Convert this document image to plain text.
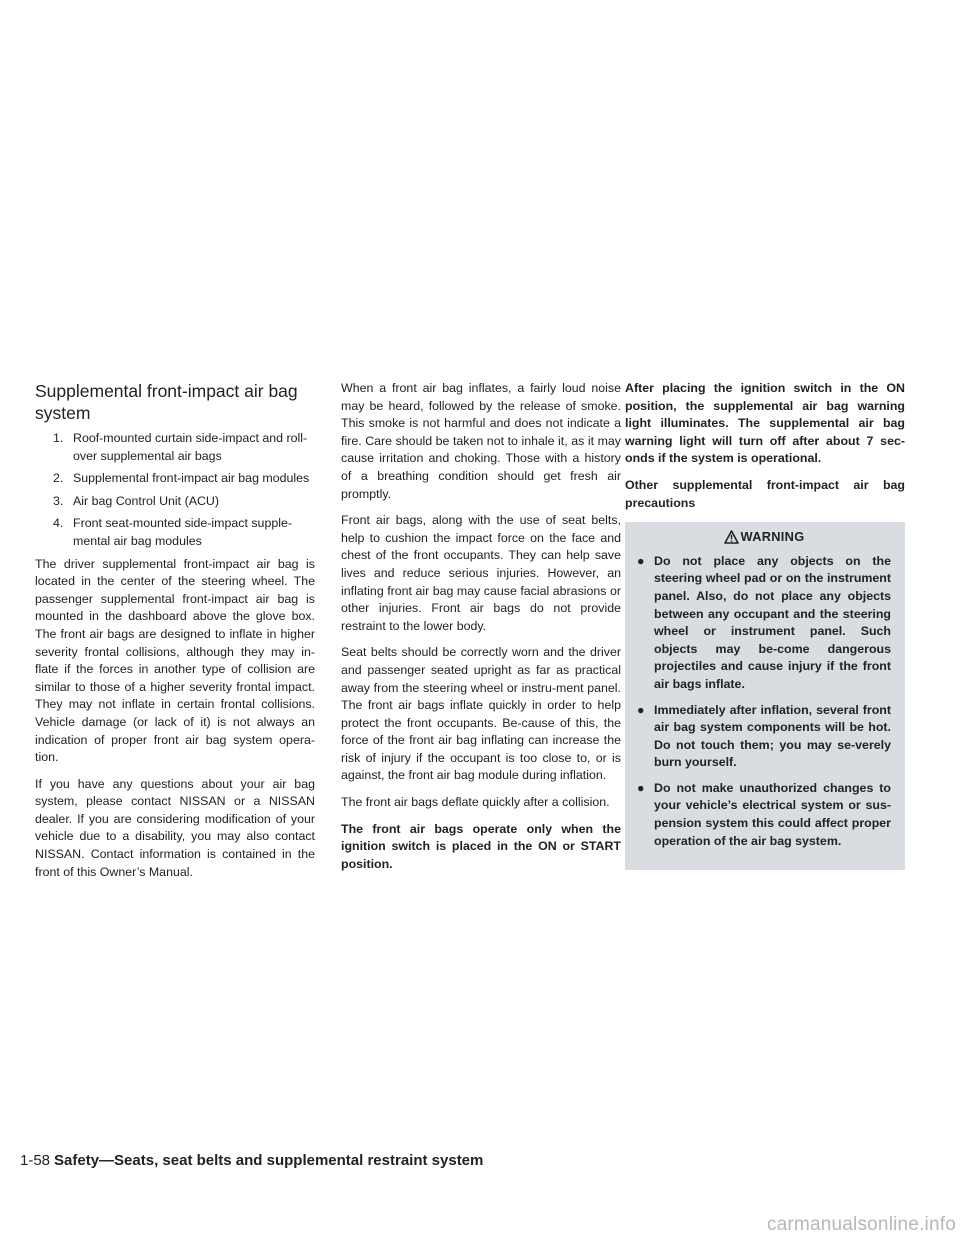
Supplemental front-impact air bag system
1. Roof-mounted curtain side-impact and roll-over supplemental air bags
2. Supplemental front-impact air bag modules
3. Air bag Control Unit (ACU)
4. Front seat-mounted side-impact supple-mental air bag modules

The driver supplemental front-impact air bag is located in the center of the steering wheel. The passenger supplemental front-impact air bag is mounted in the dashboard above the glove box. The front air bags are designed to inflate in higher severity frontal collisions, although they may in-flate if the forces in another type of collision are similar to those of a higher severity frontal impact. They may not inflate in certain frontal collisions. Vehicle damage (or lack of it) is not always an indication of proper front air bag system opera-tion.

If you have any questions about your air bag system, please contact NISSAN or a NISSAN dealer. If you are considering modification of your vehicle due to a disability, you may also contact NISSAN. Contact information is contained in the front of this Owner’s Manual.

When a front air bag inflates, a fairly loud noise may be heard, followed by the release of smoke. This smoke is not harmful and does not indicate a fire. Care should be taken not to inhale it, as it may cause irritation and choking. Those with a history of a breathing condition should get fresh air promptly.

Front air bags, along with the use of seat belts, help to cushion the impact force on the face and chest of the front occupants. They can help save lives and reduce serious injuries. However, an inflating front air bag may cause facial abrasions or other injuries. Front air bags do not provide restraint to the lower body.

Seat belts should be correctly worn and the driver and passenger seated upright as far as practical away from the steering wheel or instru-ment panel. The front air bags inflate quickly in order to help protect the front occupants. Be-cause of this, the force of the front air bag inflating can increase the risk of injury if the occupant is too close to, or is against, the front air bag module during inflation.

The front air bags deflate quickly after a collision.

The front air bags operate only when the ignition switch is placed in the ON or START position.

After placing the ignition switch in the ON position, the supplemental air bag warning light illuminates. The supplemental air bag warning light will turn off after about 7 sec-onds if the system is operational.

Other supplemental front-impact air bag precautions

WARNING
● Do not place any objects on the steering wheel pad or on the instrument panel. Also, do not place any objects between any occupant and the steering wheel or instrument panel. Such objects may be-come dangerous projectiles and cause injury if the front air bags inflate.
● Immediately after inflation, several front air bag system components will be hot. Do not touch them; you may se-verely burn yourself.
● Do not make unauthorized changes to your vehicle’s electrical system or sus-pension system this could affect proper operation of the air bag system.
1-58 Safety—Seats, seat belts and supplemental restraint system
carmanualsonline.info
